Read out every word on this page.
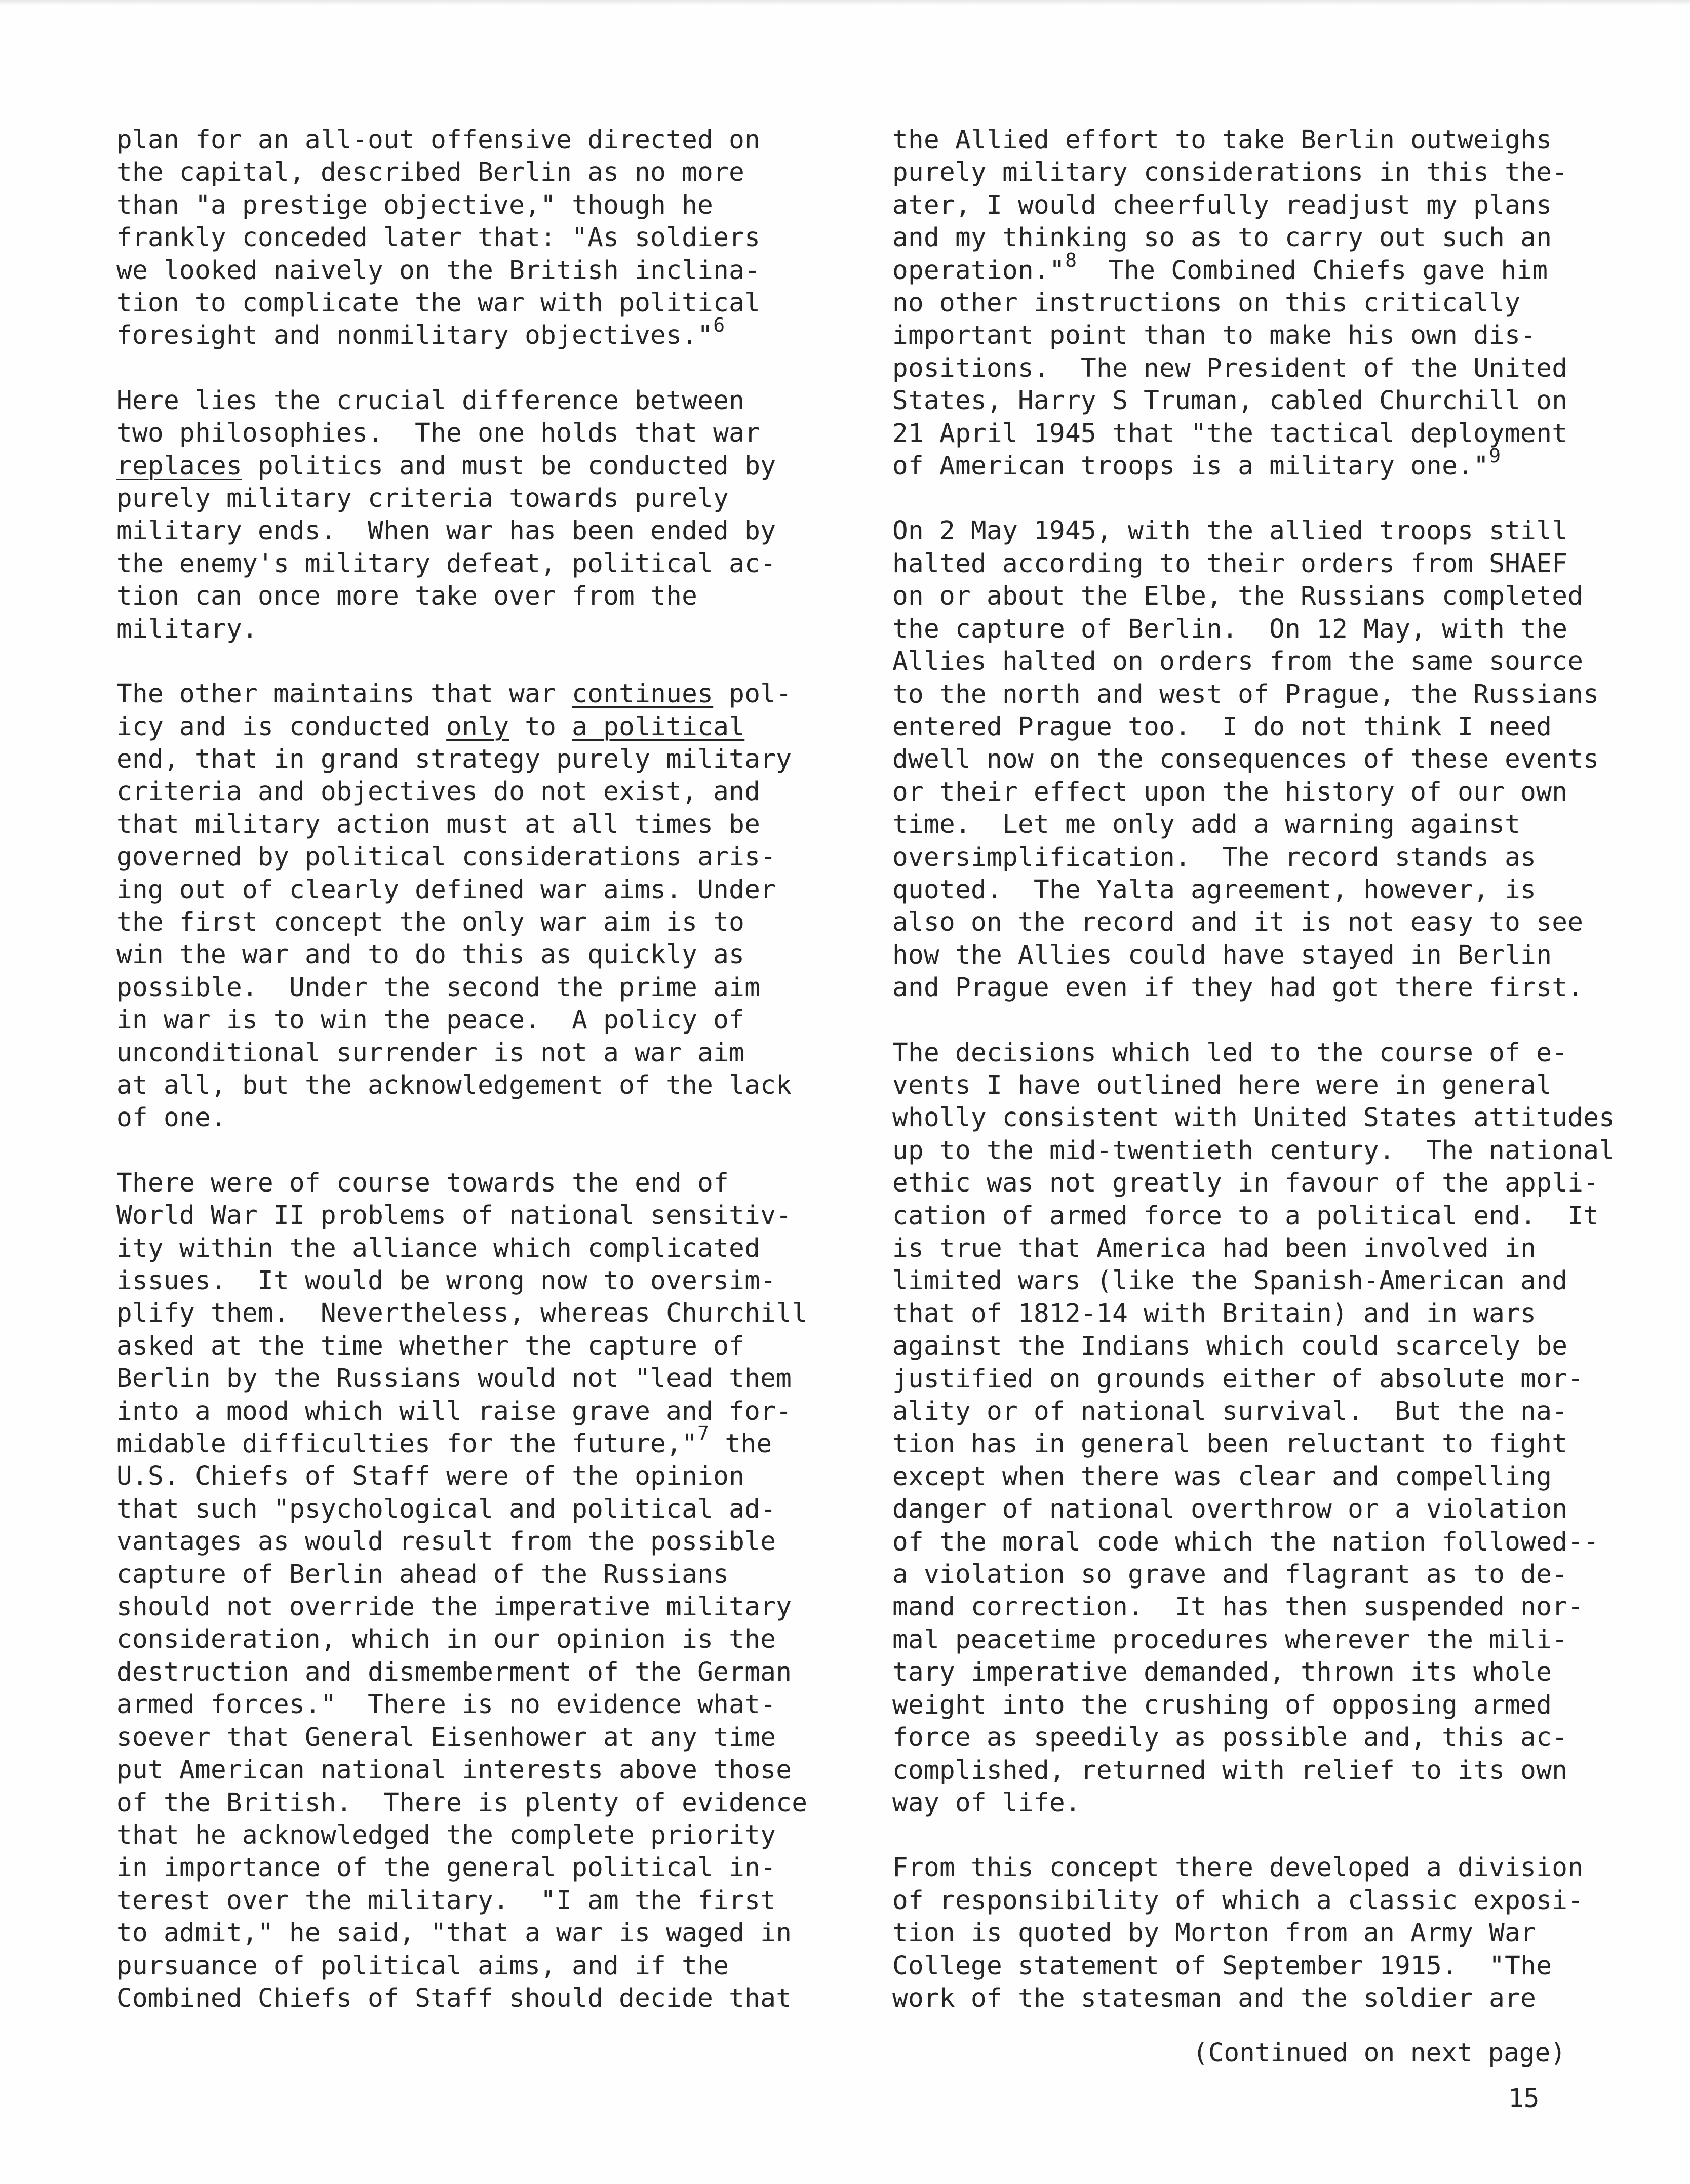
plan for an all-out offensive directed on
the capital, described Berlin as no more
than "a prestige objective," though he
frankly conceded later that: "As soldiers
we looked naively on the British inclina-
tion to complicate the war with political
foresight and nonmilitary objectives."$^6$
Here lies the crucial difference between
two philosophies.  The one holds that war
replaces politics and must be conducted by
purely military criteria towards purely
military ends.  When war has been ended by
the enemy's military defeat, political ac-
tion can once more take over from the
military.
The other maintains that war continues pol-
icy and is conducted only to a political
end, that in grand strategy purely military
criteria and objectives do not exist, and
that military action must at all times be
governed by political considerations aris-
ing out of clearly defined war aims. Under
the first concept the only war aim is to
win the war and to do this as quickly as
possible.  Under the second the prime aim
in war is to win the peace.  A policy of
unconditional surrender is not a war aim
at all, but the acknowledgement of the lack
of one.
There were of course towards the end of
World War II problems of national sensitiv-
ity within the alliance which complicated
issues.  It would be wrong now to oversim-
plify them.  Nevertheless, whereas Churchill
asked at the time whether the capture of
Berlin by the Russians would not "lead them
into a mood which will raise grave and for-
midable difficulties for the future,"$^7$ the
U.S. Chiefs of Staff were of the opinion
that such "psychological and political ad-
vantages as would result from the possible
capture of Berlin ahead of the Russians
should not override the imperative military
consideration, which in our opinion is the
destruction and dismemberment of the German
armed forces."  There is no evidence what-
soever that General Eisenhower at any time
put American national interests above those
of the British.  There is plenty of evidence
that he acknowledged the complete priority
in importance of the general political in-
terest over the military.  "I am the first
to admit," he said, "that a war is waged in
pursuance of political aims, and if the
Combined Chiefs of Staff should decide that
the Allied effort to take Berlin outweighs
purely military considerations in this the-
ater, I would cheerfully readjust my plans
and my thinking so as to carry out such an
operation."$^8$  The Combined Chiefs gave him
no other instructions on this critically
important point than to make his own dis-
positions.  The new President of the United
States, Harry S Truman, cabled Churchill on
21 April 1945 that "the tactical deployment
of American troops is a military one."$^9$
On 2 May 1945, with the allied troops still
halted according to their orders from SHAEF
on or about the Elbe, the Russians completed
the capture of Berlin.  On 12 May, with the
Allies halted on orders from the same source
to the north and west of Prague, the Russians
entered Prague too.  I do not think I need
dwell now on the consequences of these events
or their effect upon the history of our own
time.  Let me only add a warning against
oversimplification.  The record stands as
quoted.  The Yalta agreement, however, is
also on the record and it is not easy to see
how the Allies could have stayed in Berlin
and Prague even if they had got there first.
The decisions which led to the course of e-
vents I have outlined here were in general
wholly consistent with United States attitudes
up to the mid-twentieth century.  The national
ethic was not greatly in favour of the appli-
cation of armed force to a political end.  It
is true that America had been involved in
limited wars (like the Spanish-American and
that of 1812-14 with Britain) and in wars
against the Indians which could scarcely be
justified on grounds either of absolute mor-
ality or of national survival.  But the na-
tion has in general been reluctant to fight
except when there was clear and compelling
danger of national overthrow or a violation
of the moral code which the nation followed--
a violation so grave and flagrant as to de-
mand correction.  It has then suspended nor-
mal peacetime procedures wherever the mili-
tary imperative demanded, thrown its whole
weight into the crushing of opposing armed
force as speedily as possible and, this ac-
complished, returned with relief to its own
way of life.
From this concept there developed a division
of responsibility of which a classic exposi-
tion is quoted by Morton from an Army War
College statement of September 1915.  "The
work of the statesman and the soldier are
(Continued on next page)
15
